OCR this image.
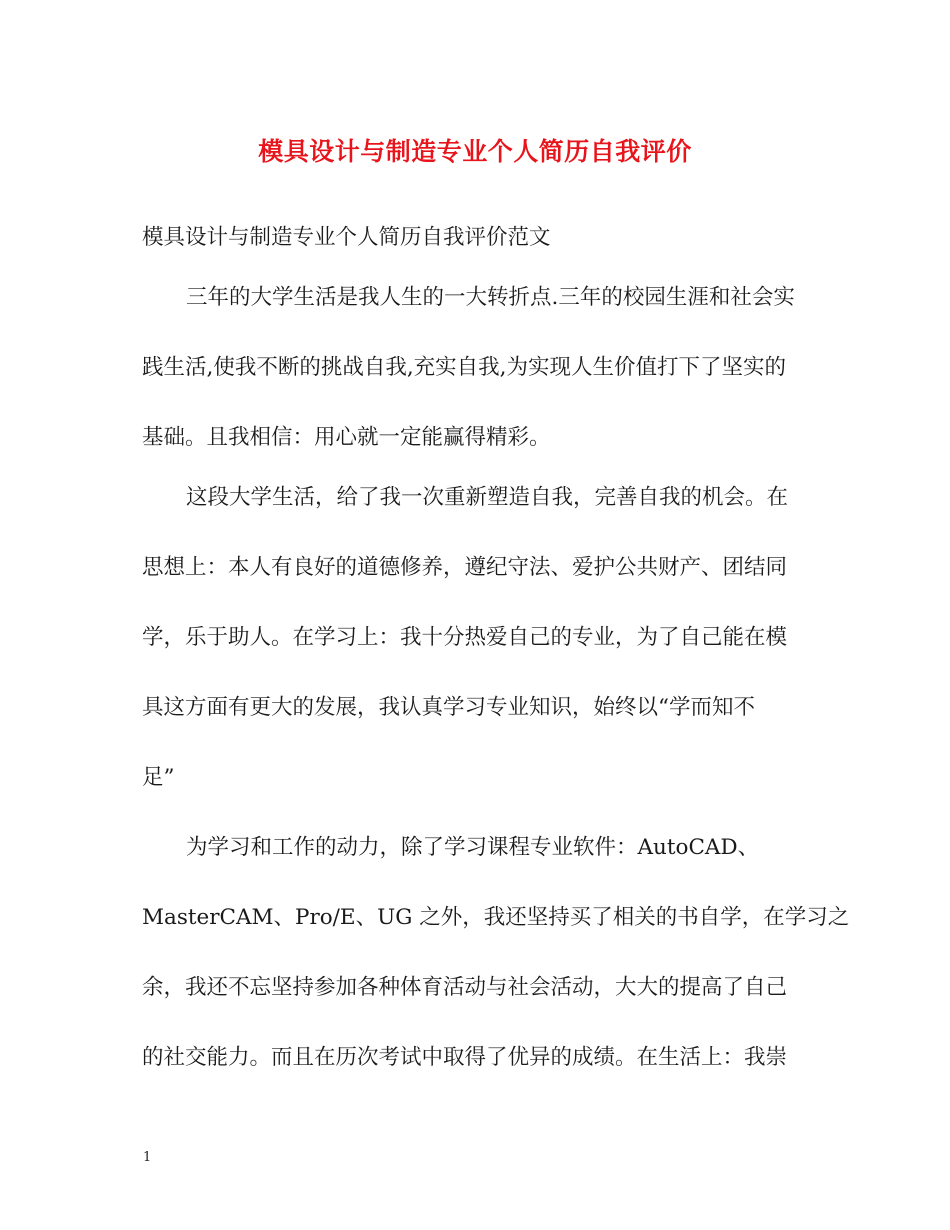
模具设计与制造专业个人简历自我评价
模具设计与制造专业个人简历自我评价范文
三年的大学生活是我人生的一大转折点.三年的校园生涯和社会实
践生活,使我不断的挑战自我,充实自我,为实现人生价值打下了坚实的
基础。且我相信：用心就一定能赢得精彩。
这段大学生活，给了我一次重新塑造自我，完善自我的机会。在
思想上：本人有良好的道德修养，遵纪守法、爱护公共财产、团结同
学，乐于助人。在学习上：我十分热爱自己的专业，为了自己能在模
具这方面有更大的发展，我认真学习专业知识，始终以“学而知不
足”
为学习和工作的动力，除了学习课程专业软件：AutoCAD、
MasterCAM、Pro/E、UG 之外，我还坚持买了相关的书自学，在学习之
余，我还不忘坚持参加各种体育活动与社会活动，大大的提高了自己
的社交能力。而且在历次考试中取得了优异的成绩。在生活上：我崇
1
